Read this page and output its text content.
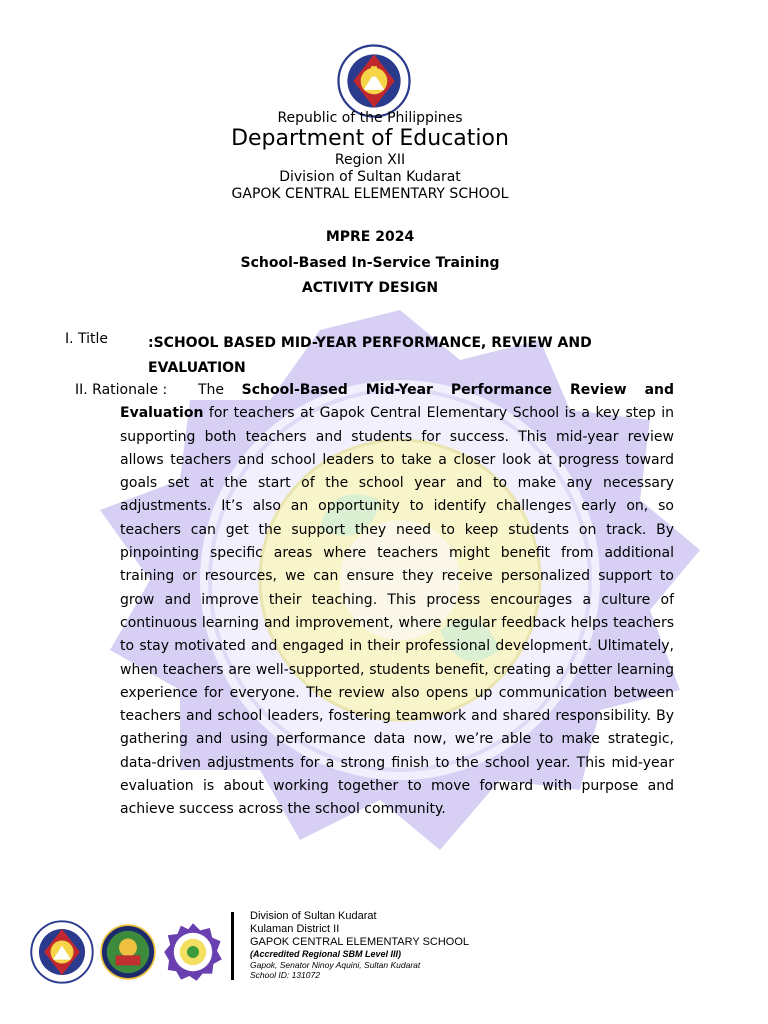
Republic of the Philippines
Department of Education
Region XII
Division of Sultan Kudarat
GAPOK CENTRAL ELEMENTARY SCHOOL
MPRE 2024
School-Based In-Service Training
ACTIVITY DESIGN
I. Title	:SCHOOL BASED MID-YEAR PERFORMANCE, REVIEW AND EVALUATION
II. Rationale :	The School-Based Mid-Year Performance Review and Evaluation for teachers at Gapok Central Elementary School is a key step in supporting both teachers and students for success. This mid-year review allows teachers and school leaders to take a closer look at progress toward goals set at the start of the school year and to make any necessary adjustments. It’s also an opportunity to identify challenges early on, so teachers can get the support they need to keep students on track. By pinpointing specific areas where teachers might benefit from additional training or resources, we can ensure they receive personalized support to grow and improve their teaching. This process encourages a culture of continuous learning and improvement, where regular feedback helps teachers to stay motivated and engaged in their professional development. Ultimately, when teachers are well-supported, students benefit, creating a better learning experience for everyone. The review also opens up communication between teachers and school leaders, fostering teamwork and shared responsibility. By gathering and using performance data now, we’re able to make strategic, data-driven adjustments for a strong finish to the school year. This mid-year evaluation is about working together to move forward with purpose and achieve success across the school community.
Division of Sultan Kudarat
Kulaman District II
GAPOK CENTRAL ELEMENTARY SCHOOL
(Accredited Regional SBM Level III)
Gapok, Senator Ninoy Aquini, Sultan Kudarat
School ID: 131072
